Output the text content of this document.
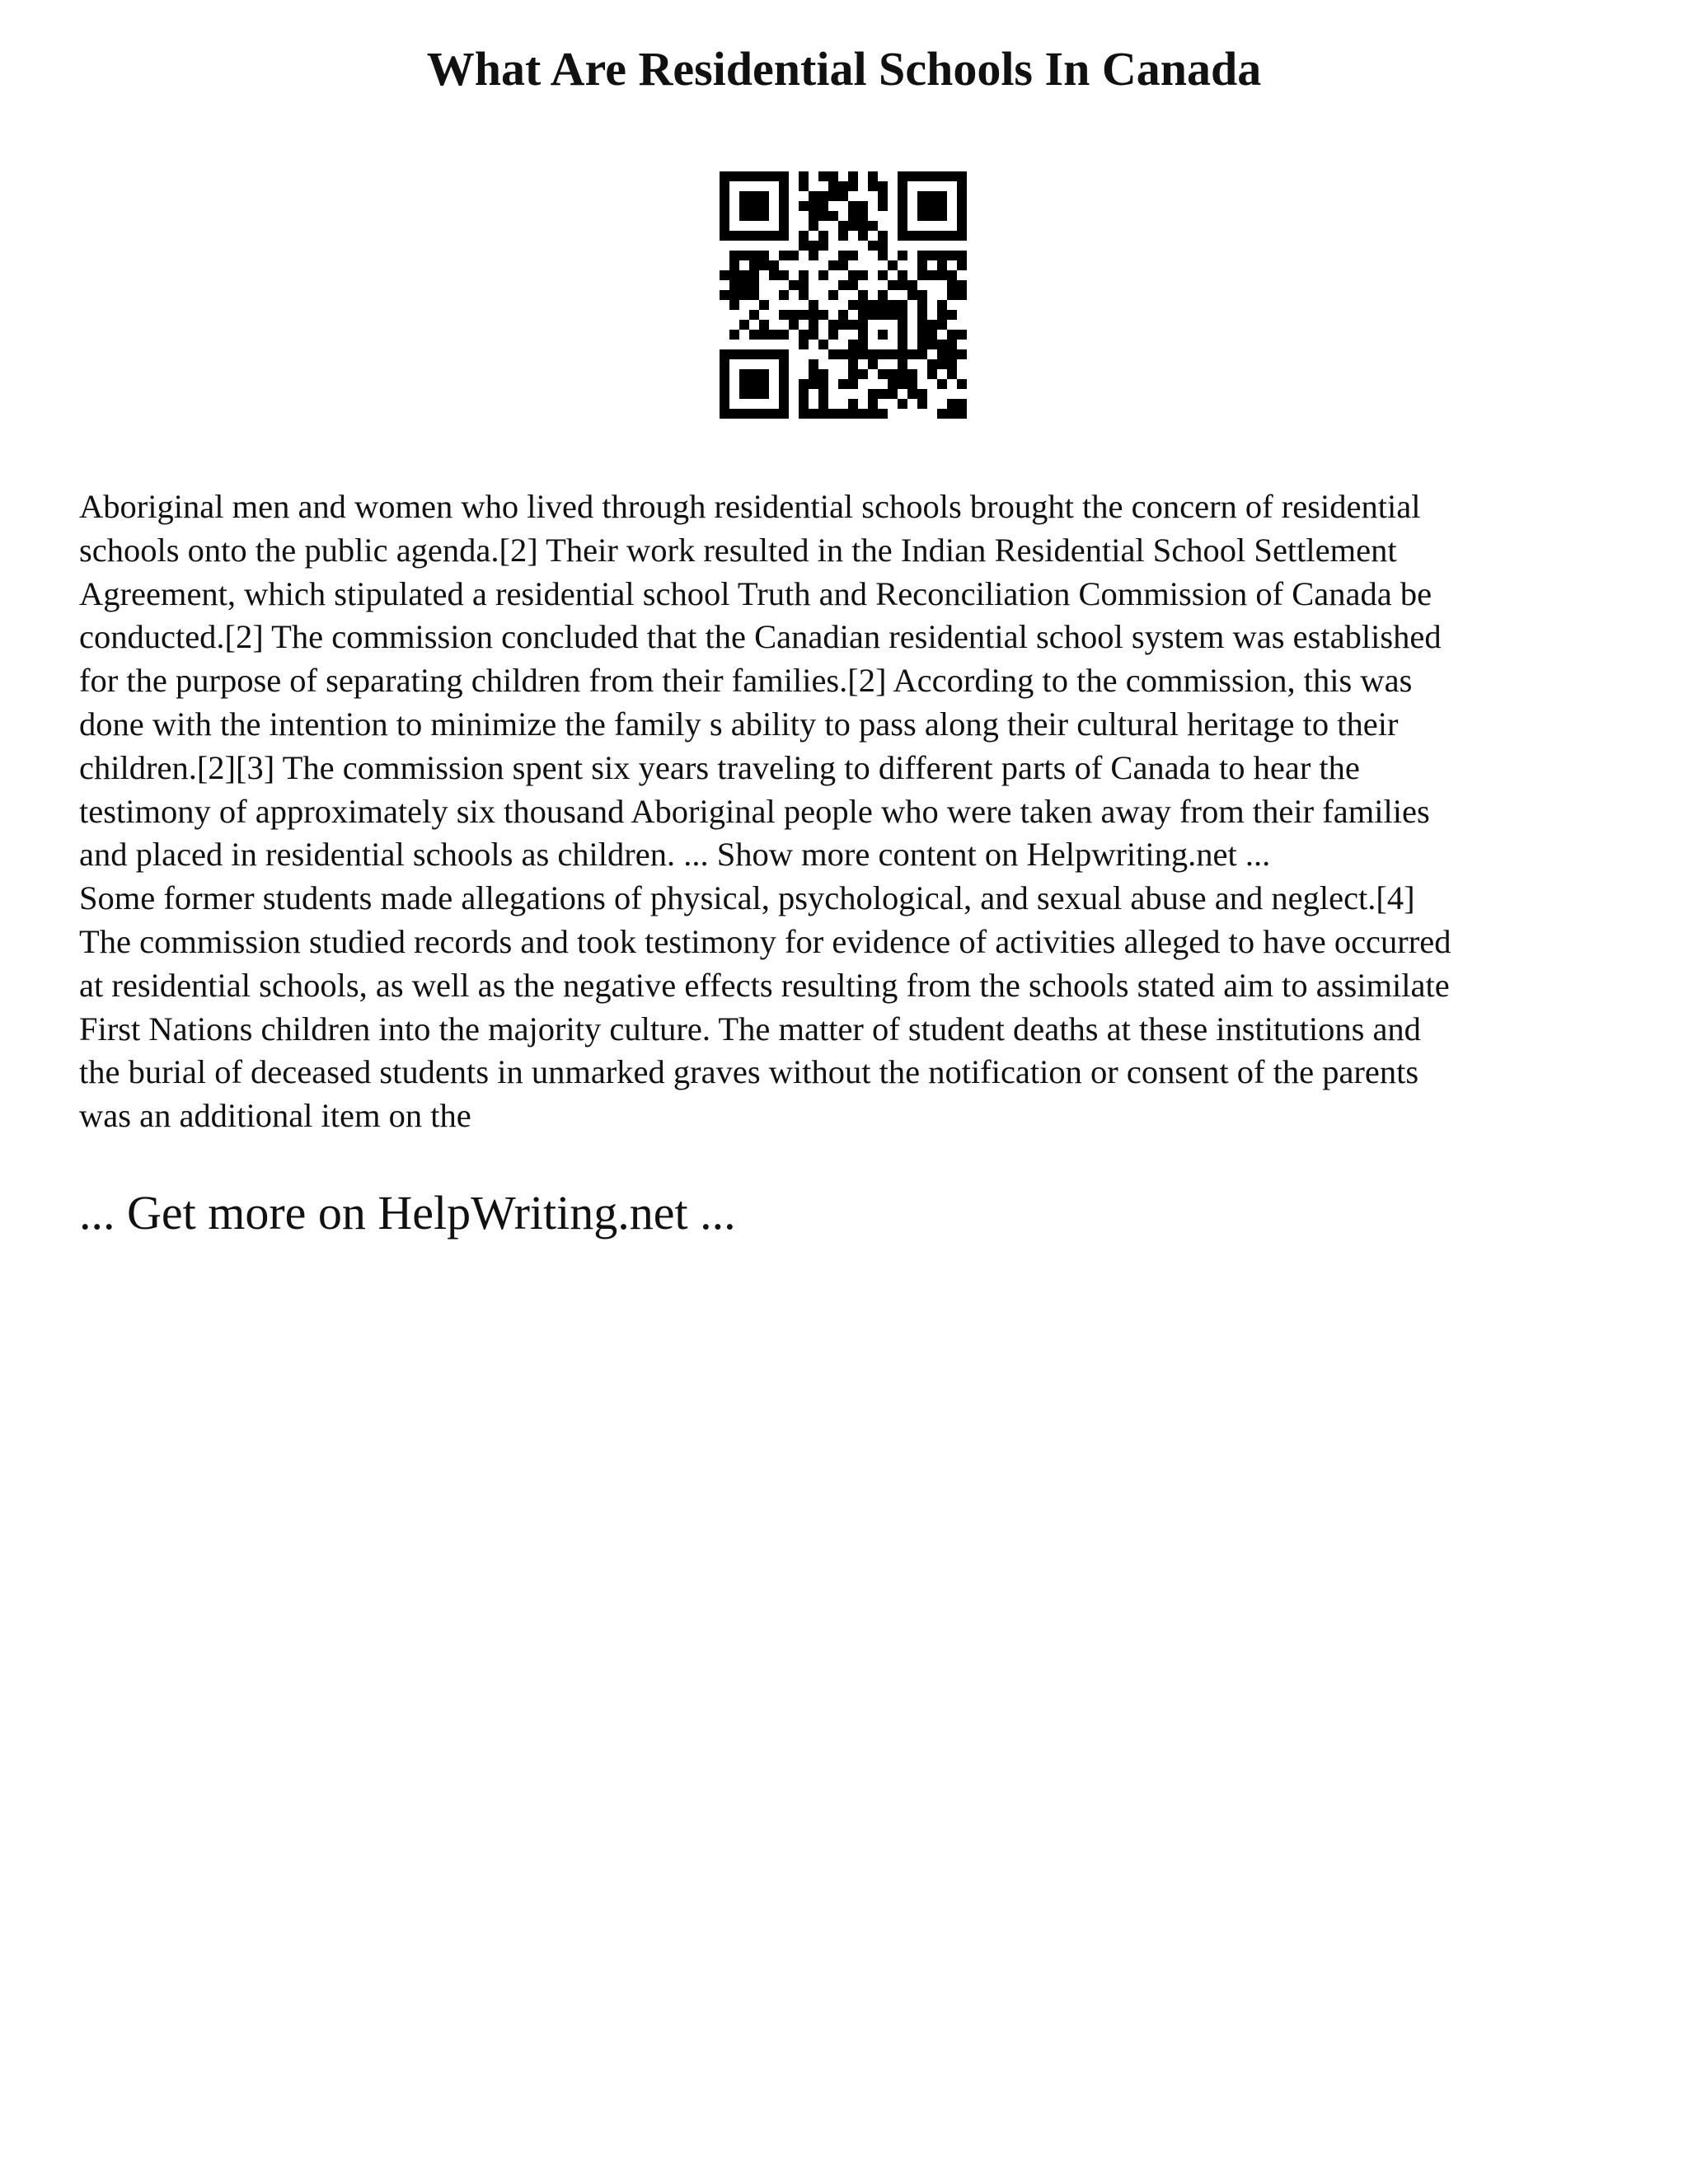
What Are Residential Schools In Canada
Aboriginal men and women who lived through residential schools brought the concern of residential
schools onto the public agenda.[2] Their work resulted in the Indian Residential School Settlement
Agreement, which stipulated a residential school Truth and Reconciliation Commission of Canada be
conducted.[2] The commission concluded that the Canadian residential school system was established
for the purpose of separating children from their families.[2] According to the commission, this was
done with the intention to minimize the family s ability to pass along their cultural heritage to their
children.[2][3] The commission spent six years traveling to different parts of Canada to hear the
testimony of approximately six thousand Aboriginal people who were taken away from their families
and placed in residential schools as children. ... Show more content on Helpwriting.net ...
Some former students made allegations of physical, psychological, and sexual abuse and neglect.[4]
The commission studied records and took testimony for evidence of activities alleged to have occurred
at residential schools, as well as the negative effects resulting from the schools stated aim to assimilate
First Nations children into the majority culture. The matter of student deaths at these institutions and
the burial of deceased students in unmarked graves without the notification or consent of the parents
was an additional item on the
... Get more on HelpWriting.net ...
